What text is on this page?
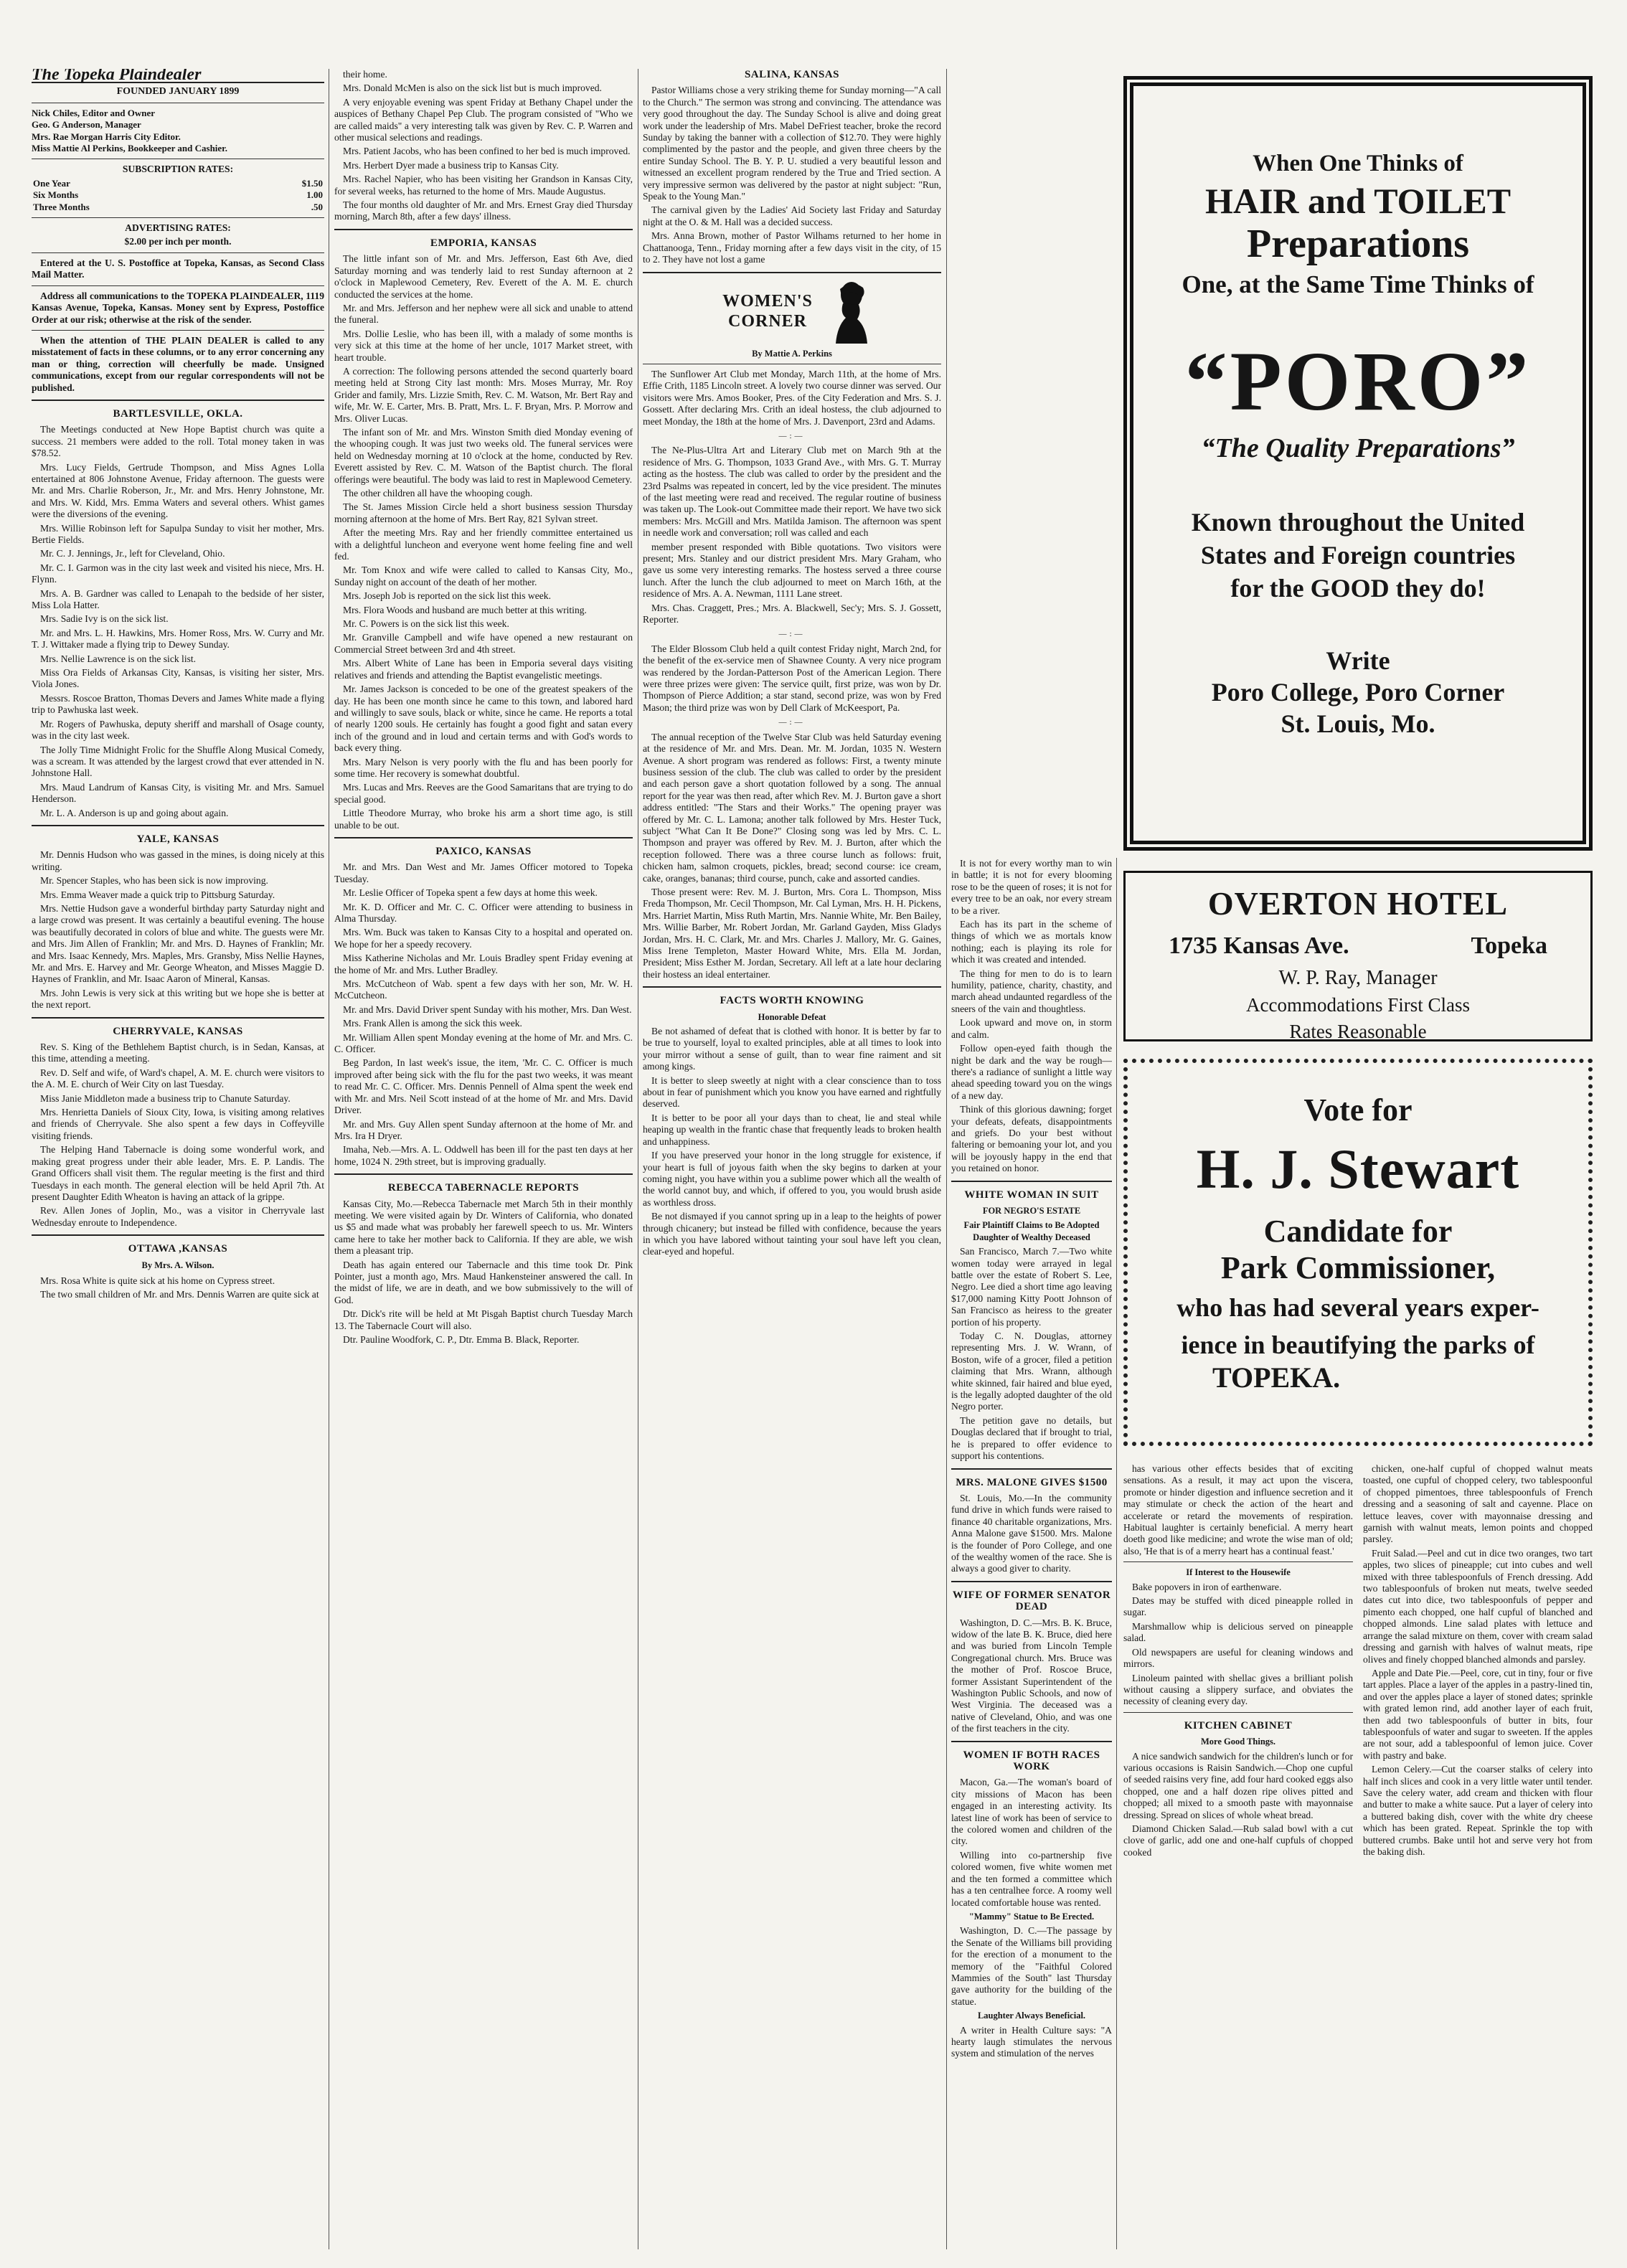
The Topeka Plaindealer

FOUNDED JANUARY 1899

Nick Chiles, Editor and Owner

Geo. G Anderson, Manager

Mrs. Rae Morgan Harris City Editor.

Miss Mattie Al Perkins, Bookkeeper and Cashier.

SUBSCRIPTION RATES:

One Year	$1.50
Six Months	1.00
Three Months	.50

ADVERTISING RATES:

$2.00 per inch per month.

Entered at the U. S. Postoffice at Topeka, Kansas, as Second Class Mail Matter.

Address all communications to the TOPEKA PLAINDEALER, 1119 Kansas Avenue, Topeka, Kansas. Money sent by Express, Postoffice Order at our risk; otherwise at the risk of the sender.

When the attention of THE PLAIN DEALER is called to any misstatement of facts in these columns, or to any error concerning any man or thing, correction will cheerfully be made. Unsigned communications, except from our regular correspondents will not be published.

BARTLESVILLE, OKLA.

The Meetings conducted at New Hope Baptist church was quite a success. 21 members were added to the roll. Total money taken in was $78.52.

Mrs. Lucy Fields, Gertrude Thompson, and Miss Agnes Lolla entertained at 806 Johnstone Avenue, Friday afternoon. The guests were Mr. and Mrs. Charlie Roberson, Jr., Mr. and Mrs. Henry Johnstone, Mr. and Mrs. W. Kidd, Mrs. Emma Waters and several others. Whist games were the diversions of the evening.

Mrs. Willie Robinson left for Sapulpa Sunday to visit her mother, Mrs. Bertie Fields.

Mr. C. J. Jennings, Jr., left for Cleveland, Ohio.

Mr. C. I. Garmon was in the city last week and visited his niece, Mrs. H. Flynn.

Mrs. A. B. Gardner was called to Lenapah to the bedside of her sister, Miss Lola Hatter.

Mrs. Sadie Ivy is on the sick list.

Mr. and Mrs. L. H. Hawkins, Mrs. Homer Ross, Mrs. W. Curry and Mr. T. J. Wittaker made a flying trip to Dewey Sunday.

Mrs. Nellie Lawrence is on the sick list.

Miss Ora Fields of Arkansas City, Kansas, is visiting her sister, Mrs. Viola Jones.

Messrs. Roscoe Bratton, Thomas Devers and James White made a flying trip to Pawhuska last week.

Mr. Rogers of Pawhuska, deputy sheriff and marshall of Osage county, was in the city last week.

The Jolly Time Midnight Frolic for the Shuffle Along Musical Comedy, was a scream. It was attended by the largest crowd that ever attended in N. Johnstone Hall.

Mrs. Maud Landrum of Kansas City, is visiting Mr. and Mrs. Samuel Henderson.

Mr. L. A. Anderson is up and going about again.

YALE, KANSAS

Mr. Dennis Hudson who was gassed in the mines, is doing nicely at this writing.

Mr. Spencer Staples, who has been sick is now improving.

Mrs. Emma Weaver made a quick trip to Pittsburg Saturday.

Mrs. Nettie Hudson gave a wonderful birthday party Saturday night and a large crowd was present. It was certainly a beautiful evening. The house was beautifully decorated in colors of blue and white. The guests were Mr. and Mrs. Jim Allen of Franklin; Mr. and Mrs. D. Haynes of Franklin; Mr. and Mrs. Isaac Kennedy, Mrs. Maples, Mrs. Gransby, Miss Nellie Haynes, Mr. and Mrs. E. Harvey and Mr. George Wheaton, and Misses Maggie D. Haynes of Franklin, and Mr. Isaac Aaron of Mineral, Kansas.

Mrs. John Lewis is very sick at this writing but we hope she is better at the next report.

CHERRYVALE, KANSAS

Rev. S. King of the Bethlehem Baptist church, is in Sedan, Kansas, at this time, attending a meeting.

Rev. D. Self and wife, of Ward's chapel, A. M. E. church were visitors to the A. M. E. church of Weir City on last Tuesday.

Miss Janie Middleton made a business trip to Chanute Saturday.

Mrs. Henrietta Daniels of Sioux City, Iowa, is visiting among relatives and friends of Cherryvale. She also spent a few days in Coffeyville visiting friends.

The Helping Hand Tabernacle is doing some wonderful work, and making great progress under their able leader, Mrs. E. P. Landis. The Grand Officers shall visit them. The regular meeting is the first and third Tuesdays in each month. The general election will be held April 7th. At present Daughter Edith Wheaton is having an attack of la grippe.

Rev. Allen Jones of Joplin, Mo., was a visitor in Cherryvale last Wednesday enroute to Independence.

OTTAWA ,KANSAS

By Mrs. A. Wilson.

Mrs. Rosa White is quite sick at his home on Cypress street.

The two small children of Mr. and Mrs. Dennis Warren are quite sick at

their home.

Mrs. Donald McMen is also on the sick list but is much improved.

A very enjoyable evening was spent Friday at Bethany Chapel under the auspices of Bethany Chapel Pep Club. The program consisted of "Who we are called maids" a very interesting talk was given by Rev. C. P. Warren and other musical selections and readings.

Mrs. Patient Jacobs, who has been confined to her bed is much improved.

Mrs. Herbert Dyer made a business trip to Kansas City.

Mrs. Rachel Napier, who has been visiting her Grandson in Kansas City, for several weeks, has returned to the home of Mrs. Maude Augustus.

The four months old daughter of Mr. and Mrs. Ernest Gray died Thursday morning, March 8th, after a few days' illness.

EMPORIA, KANSAS

The little infant son of Mr. and Mrs. Jefferson, East 6th Ave, died Saturday morning and was tenderly laid to rest Sunday afternoon at 2 o'clock in Maplewood Cemetery, Rev. Everett of the A. M. E. church conducted the services at the home.

Mr. and Mrs. Jefferson and her nephew were all sick and unable to attend the funeral.

Mrs. Dollie Leslie, who has been ill, with a malady of some months is very sick at this time at the home of her uncle, 1017 Market street, with heart trouble.

A correction: The following persons attended the second quarterly board meeting held at Strong City last month: Mrs. Moses Murray, Mr. Roy Grider and family, Mrs. Lizzie Smith, Rev. C. M. Watson, Mr. Bert Ray and wife, Mr. W. E. Carter, Mrs. B. Pratt, Mrs. L. F. Bryan, Mrs. P. Morrow and Mrs. Oliver Lucas.

The infant son of Mr. and Mrs. Winston Smith died Monday evening of the whooping cough. It was just two weeks old. The funeral services were held on Wednesday morning at 10 o'clock at the home, conducted by Rev. Everett assisted by Rev. C. M. Watson of the Baptist church. The floral offerings were beautiful. The body was laid to rest in Maplewood Cemetery.

The other children all have the whooping cough.

The St. James Mission Circle held a short business session Thursday morning afternoon at the home of Mrs. Bert Ray, 821 Sylvan street.

After the meeting Mrs. Ray and her friendly committee entertained us with a delightful luncheon and everyone went home feeling fine and well fed.

Mr. Tom Knox and wife were called to called to Kansas City, Mo., Sunday night on account of the death of her mother.

Mrs. Joseph Job is reported on the sick list this week.

Mrs. Flora Woods and husband are much better at this writing.

Mr. C. Powers is on the sick list this week.

Mr. Granville Campbell and wife have opened a new restaurant on Commercial Street between 3rd and 4th street.

Mrs. Albert White of Lane has been in Emporia several days visiting relatives and friends and attending the Baptist evangelistic meetings.

Mr. James Jackson is conceded to be one of the greatest speakers of the day. He has been one month since he came to this town, and labored hard and willingly to save souls, black or white, since he came. He reports a total of nearly 1200 souls. He certainly has fought a good fight and satan every inch of the ground and in loud and certain terms and with God's words to back every thing.

Mrs. Mary Nelson is very poorly with the flu and has been poorly for some time. Her recovery is somewhat doubtful.

Mrs. Lucas and Mrs. Reeves are the Good Samaritans that are trying to do special good.

Little Theodore Murray, who broke his arm a short time ago, is still unable to be out.

PAXICO, KANSAS

Mr. and Mrs. Dan West and Mr. James Officer motored to Topeka Tuesday.

Mr. Leslie Officer of Topeka spent a few days at home this week.

Mr. K. D. Officer and Mr. C. C. Officer were attending to business in Alma Thursday.

Mrs. Wm. Buck was taken to Kansas City to a hospital and operated on. We hope for her a speedy recovery.

Miss Katherine Nicholas and Mr. Louis Bradley spent Friday evening at the home of Mr. and Mrs. Luther Bradley.

Mrs. McCutcheon of Wab. spent a few days with her son, Mr. W. H. McCutcheon.

Mr. and Mrs. David Driver spent Sunday with his mother, Mrs. Dan West.

Mrs. Frank Allen is among the sick this week.

Mr. William Allen spent Monday evening at the home of Mr. and Mrs. C. C. Officer.

Beg Pardon, In last week's issue, the item, 'Mr. C. C. Officer is much improved after being sick with the flu for the past two weeks, it was meant to read Mr. C. C. Officer. Mrs. Dennis Pennell of Alma spent the week end with Mr. and Mrs. Neil Scott instead of at the home of Mr. and Mrs. David Driver.

Mr. and Mrs. Guy Allen spent Sunday afternoon at the home of Mr. and Mrs. Ira H Dryer.

Imaha, Neb.—Mrs. A. L. Oddwell has been ill for the past ten days at her home, 1024 N. 29th street, but is improving gradually.

REBECCA TABERNACLE REPORTS

Kansas City, Mo.—Rebecca Tabernacle met March 5th in their monthly meeting. We were visited again by Dr. Winters of California, who donated us $5 and made what was probably her farewell speech to us. Mr. Winters came here to take her mother back to California. If they are able, we wish them a pleasant trip.

Death has again entered our Tabernacle and this time took Dr. Pink Pointer, just a month ago, Mrs. Maud Hankensteiner answered the call. In the midst of life, we are in death, and we bow submissively to the will of God.

Dtr. Dick's rite will be held at Mt Pisgah Baptist church Tuesday March 13. The Tabernacle Court will also.

Dtr. Pauline Woodfork, C. P., Dtr. Emma B. Black, Reporter.

SALINA, KANSAS

Pastor Williams chose a very striking theme for Sunday morning—"A call to the Church." The sermon was strong and convincing. The attendance was very good throughout the day. The Sunday School is alive and doing great work under the leadership of Mrs. Mabel DeFriest teacher, broke the record Sunday by taking the banner with a collection of $12.70. They were highly complimented by the pastor and the people, and given three cheers by the entire Sunday School. The B. Y. P. U. studied a very beautiful lesson and witnessed an excellent program rendered by the True and Tried section. A very impressive sermon was delivered by the pastor at night subject: "Run, Speak to the Young Man."

The carnival given by the Ladies' Aid Society last Friday and Saturday night at the O. & M. Hall was a decided success.

Mrs. Anna Brown, mother of Pastor Wilhams returned to her home in Chattanooga, Tenn., Friday morning after a few days visit in the city, of 15 to 2. They have not lost a game

WOMEN'S CORNER

By Mattie A. Perkins

The Sunflower Art Club met Monday, March 11th, at the home of Mrs. Effie Crith, 1185 Lincoln street. A lovely two course dinner was served. Our visitors were Mrs. Amos Booker, Pres. of the City Federation and Mrs. S. J. Gossett. After declaring Mrs. Crith an ideal hostess, the club adjourned to meet Monday, the 18th at the home of Mrs. J. Davenport, 23rd and Adams.

—:—

The Ne-Plus-Ultra Art and Literary Club met on March 9th at the residence of Mrs. G. Thompson, 1033 Grand Ave., with Mrs. G. T. Murray acting as the hostess. The club was called to order by the president and the 23rd Psalms was repeated in concert, led by the vice president. The minutes of the last meeting were read and received. The regular routine of business was taken up. The Look-out Committee made their report. We have two sick members: Mrs. McGill and Mrs. Matilda Jamison. The afternoon was spent in needle work and conversation; roll was called and each

member present responded with Bible quotations. Two visitors were present; Mrs. Stanley and our district president Mrs. Mary Graham, who gave us some very interesting remarks. The hostess served a three course lunch. After the lunch the club adjourned to meet on March 16th, at the residence of Mrs. A. A. Newman, 1111 Lane street.

Mrs. Chas. Craggett, Pres.; Mrs. A. Blackwell, Sec'y; Mrs. S. J. Gossett, Reporter.

—:—

The Elder Blossom Club held a quilt contest Friday night, March 2nd, for the benefit of the ex-service men of Shawnee County. A very nice program was rendered by the Jordan-Patterson Post of the American Legion. There were three prizes were given: The service quilt, first prize, was won by Dr. Thompson of Pierce Addition; a star stand, second prize, was won by Fred Mason; the third prize was won by Dell Clark of McKeesport, Pa.

—:—

The annual reception of the Twelve Star Club was held Saturday evening at the residence of Mr. and Mrs. Dean. Mr. M. Jordan, 1035 N. Western Avenue. A short program was rendered as follows: First, a twenty minute business session of the club. The club was called to order by the president and each person gave a short quotation followed by a song. The annual report for the year was then read, after which Rev. M. J. Burton gave a short address entitled: "The Stars and their Works." The opening prayer was offered by Mr. C. L. Lamona; another talk followed by Mrs. Hester Tuck, subject "What Can It Be Done?" Closing song was led by Mrs. C. L. Thompson and prayer was offered by Rev. M. J. Burton, after which the reception followed. There was a three course lunch as follows: fruit, chicken ham, salmon croquets, pickles, bread; second course: ice cream, cake, oranges, bananas; third course, punch, cake and assorted candies.

Those present were: Rev. M. J. Burton, Mrs. Cora L. Thompson, Miss Freda Thompson, Mr. Cecil Thompson, Mr. Cal Lyman, Mrs. H. H. Pickens, Mrs. Harriet Martin, Miss Ruth Martin, Mrs. Nannie White, Mr. Ben Bailey, Mrs. Willie Barber, Mr. Robert Jordan, Mr. Garland Gayden, Miss Gladys Jordan, Mrs. H. C. Clark, Mr. and Mrs. Charles J. Mallory, Mr. G. Gaines, Miss Irene Templeton, Master Howard White, Mrs. Ella M. Jordan, President; Miss Esther M. Jordan, Secretary. All left at a late hour declaring their hostess an ideal entertainer.

FACTS WORTH KNOWING

Honorable Defeat

Be not ashamed of defeat that is clothed with honor. It is better by far to be true to yourself, loyal to exalted principles, able at all times to look into your mirror without a sense of guilt, than to wear fine raiment and sit among kings.

It is better to sleep sweetly at night with a clear conscience than to toss about in fear of punishment which you know you have earned and rightfully deserved.

It is better to be poor all your days than to cheat, lie and steal while heaping up wealth in the frantic chase that frequently leads to broken health and unhappiness.

If you have preserved your honor in the long struggle for existence, if your heart is full of joyous faith when the sky begins to darken at your coming night, you have within you a sublime power which all the wealth of the world cannot buy, and which, if offered to you, you would brush aside as worthless dross.

Be not dismayed if you cannot spring up in a leap to the heights of power through chicanery; but instead be filled with confidence, because the years in which you have labored without tainting your soul have left you clean, clear-eyed and hopeful.

When One Thinks of
HAIR and TOILET
Preparations
One, at the Same Time Thinks of
“PORO”
“The Quality Preparations”
Known throughout the United
States and Foreign countries
for the GOOD they do!
Write
Poro College, Poro Corner
St. Louis, Mo.

It is not for every worthy man to win in battle; it is not for every blooming rose to be the queen of roses; it is not for every tree to be an oak, nor every stream to be a river.

Each has its part in the scheme of things of which we as mortals know nothing; each is playing its role for which it was created and intended.

The thing for men to do is to learn humility, patience, charity, chastity, and march ahead undaunted regardless of the sneers of the vain and thoughtless.

Look upward and move on, in storm and calm.

Follow open-eyed faith though the night be dark and the way be rough—there's a radiance of sunlight a little way ahead speeding toward you on the wings of a new day.

Think of this glorious dawning; forget your defeats, defeats, disappointments and griefs. Do your best without faltering or bemoaning your lot, and you will be joyously happy in the end that you retained on honor.

WHITE WOMAN IN SUIT

FOR NEGRO'S ESTATE

Fair Plaintiff Claims to Be Adopted Daughter of Wealthy Deceased

San Francisco, March 7.—Two white women today were arrayed in legal battle over the estate of Robert S. Lee, Negro. Lee died a short time ago leaving $17,000 naming Kitty Poott Johnson of San Francisco as heiress to the greater portion of his property.

Today C. N. Douglas, attorney representing Mrs. J. W. Wrann, of Boston, wife of a grocer, filed a petition claiming that Mrs. Wrann, although white skinned, fair haired and blue eyed, is the legally adopted daughter of the old Negro porter.

The petition gave no details, but Douglas declared that if brought to trial, he is prepared to offer evidence to support his contentions.

MRS. MALONE GIVES $1500

St. Louis, Mo.—In the community fund drive in which funds were raised to finance 40 charitable organizations, Mrs. Anna Malone gave $1500. Mrs. Malone is the founder of Poro College, and one of the wealthy women of the race. She is always a good giver to charity.

WIFE OF FORMER SENATOR DEAD

Washington, D. C.—Mrs. B. K. Bruce, widow of the late B. K. Bruce, died here and was buried from Lincoln Temple Congregational church. Mrs. Bruce was the mother of Prof. Roscoe Bruce, former Assistant Superintendent of the Washington Public Schools, and now of West Virginia. The deceased was a native of Cleveland, Ohio, and was one of the first teachers in the city.

WOMEN IF BOTH RACES WORK

Macon, Ga.—The woman's board of city missions of Macon has been engaged in an interesting activity. Its latest line of work has been of service to the colored women and children of the city.

Willing into co-partnership five colored women, five white women met and the ten formed a committee which has a ten centralhee force. A roomy well located comfortable house was rented.

"Mammy" Statue to Be Erected.

Washington, D. C.—The passage by the Senate of the Williams bill providing for the erection of a monument to the memory of the "Faithful Colored Mammies of the South" last Thursday gave authority for the building of the statue.

Laughter Always Beneficial.

A writer in Health Culture says: "A hearty laugh stimulates the nervous system and stimulation of the nerves

OVERTON HOTEL
1735 Kansas Ave.	Topeka
W. P. Ray, Manager
Accommodations First Class
Rates Reasonable
Vote for
H. J. Stewart
Candidate for
Park Commissioner,
who has had several years exper-
ience in beautifying the parks of
TOPEKA.

has various other effects besides that of exciting sensations. As a result, it may act upon the viscera, promote or hinder digestion and influence secretion and it may stimulate or check the action of the heart and accelerate or retard the movements of respiration. Habitual laughter is certainly beneficial. A merry heart doeth good like medicine; and wrote the wise man of old; also, 'He that is of a merry heart has a continual feast.'

If Interest to the Housewife

Bake popovers in iron of earthenware.

Dates may be stuffed with diced pineapple rolled in sugar.

Marshmallow whip is delicious served on pineapple salad.

Old newspapers are useful for cleaning windows and mirrors.

Linoleum painted with shellac gives a brilliant polish without causing a slippery surface, and obviates the necessity of cleaning every day.

KITCHEN CABINET

More Good Things.

A nice sandwich sandwich for the children's lunch or for various occasions is Raisin Sandwich.—Chop one cupful of seeded raisins very fine, add four hard cooked eggs also chopped, one and a half dozen ripe olives pitted and chopped; all mixed to a smooth paste with mayonnaise dressing. Spread on slices of whole wheat bread.

Diamond Chicken Salad.—Rub salad bowl with a cut clove of garlic, add one and one-half cupfuls of chopped cooked

chicken, one-half cupful of chopped walnut meats toasted, one cupful of chopped celery, two tablespoonful of chopped pimentoes, three tablespoonfuls of French dressing and a seasoning of salt and cayenne. Place on lettuce leaves, cover with mayonnaise dressing and garnish with walnut meats, lemon points and chopped parsley.

Fruit Salad.—Peel and cut in dice two oranges, two tart apples, two slices of pineapple; cut into cubes and well mixed with three tablespoonfuls of French dressing. Add two tablespoonfuls of broken nut meats, twelve seeded dates cut into dice, two tablespoonfuls of pepper and pimento each chopped, one half cupful of blanched and chopped almonds. Line salad plates with lettuce and arrange the salad mixture on them, cover with cream salad dressing and garnish with halves of walnut meats, ripe olives and finely chopped blanched almonds and parsley.

Apple and Date Pie.—Peel, core, cut in tiny, four or five tart apples. Place a layer of the apples in a pastry-lined tin, and over the apples place a layer of stoned dates; sprinkle with grated lemon rind, add another layer of each fruit, then add two tablespoonfuls of butter in bits, four tablespoonfuls of water and sugar to sweeten. If the apples are not sour, add a tablespoonful of lemon juice. Cover with pastry and bake.

Lemon Celery.—Cut the coarser stalks of celery into half inch slices and cook in a very little water until tender. Save the celery water, add cream and thicken with flour and butter to make a white sauce. Put a layer of celery into a buttered baking dish, cover with the white dry cheese which has been grated. Repeat. Sprinkle the top with buttered crumbs. Bake until hot and serve very hot from the baking dish.
